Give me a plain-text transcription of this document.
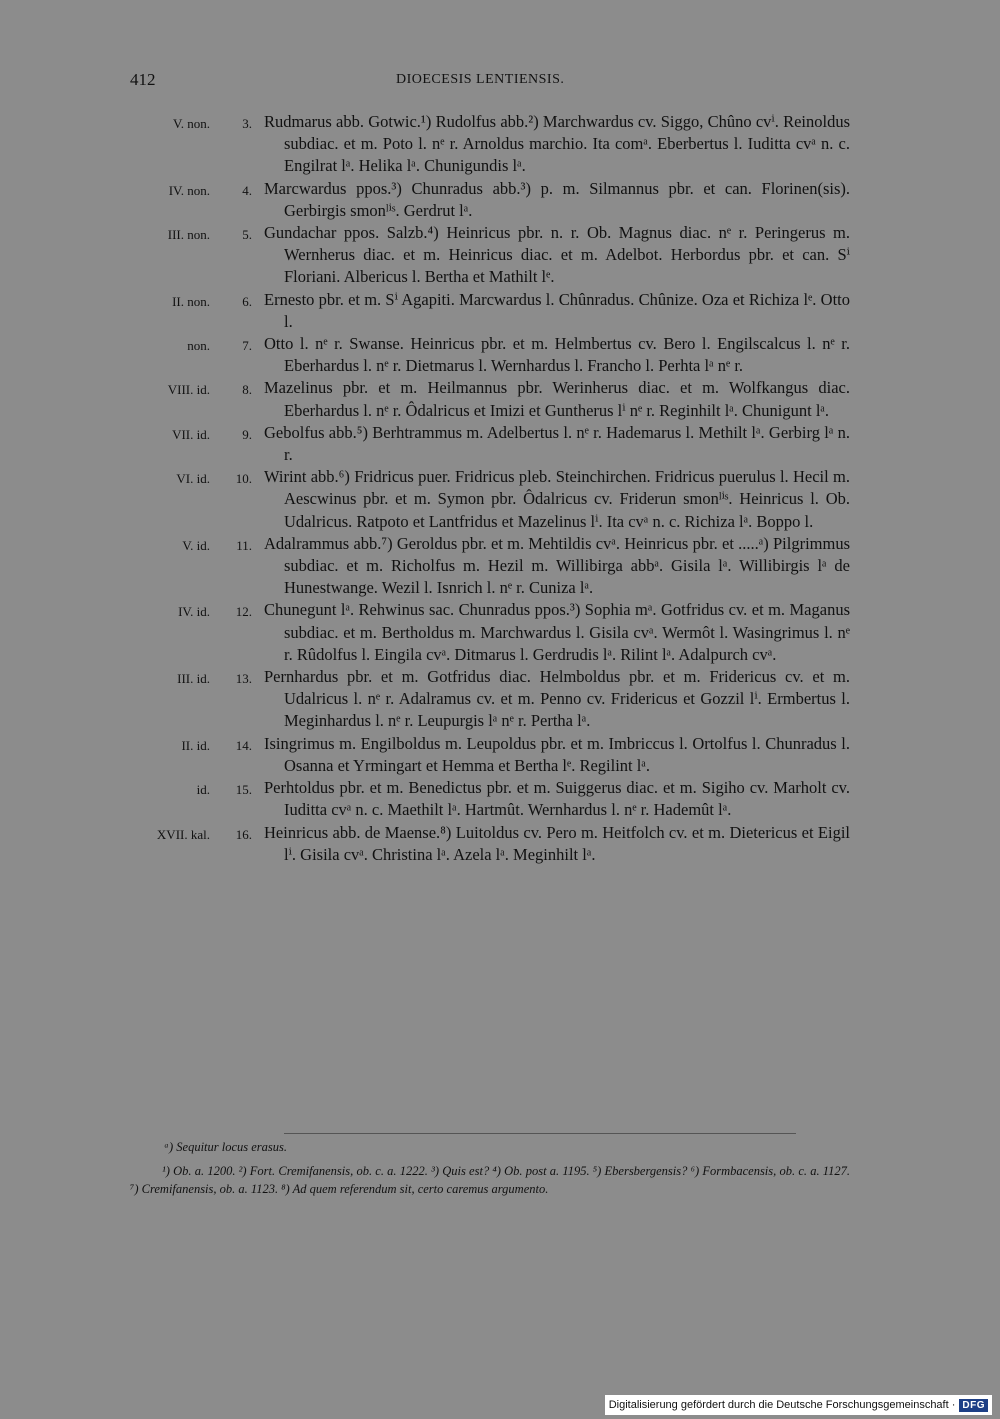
412	DIOECESIS LENTIENSIS.
V. non.	3. Rudmarus abb. Gotwic.¹) Rudolfus abb.²) Marchwardus cv. Siggo, Chûno cvⁱ. Reinoldus subdiac. et m. Poto l. nᵉ r. Arnoldus marchio. Ita comᵃ. Eberbertus l. Iuditta cvᵃ n. c. Engilrat lᵃ. Helika lᵃ. Chunigundis lᵃ.
IV. non.	4. Marcwardus ppos.³) Chunradus abb.³) p. m. Silmannus pbr. et can. Florinen(sis). Gerbirgis smonˡⁱˢ. Gerdrut lᵃ.
III. non.	5. Gundachar ppos. Salzb.⁴) Heinricus pbr. n. r. Ob. Magnus diac. nᵉ r. Peringerus m. Wernherus diac. et m. Heinricus diac. et m. Adelbot. Herbordus pbr. et can. Sⁱ Floriani. Albericus l. Bertha et Mathilt lᵉ.
II. non.	6. Ernesto pbr. et m. Sⁱ Agapiti. Marcwardus l. Chûnradus. Chûnize. Oza et Richiza lᵉ. Otto l.
non.	7. Otto l. nᵉ r. Swanse. Heinricus pbr. et m. Helmbertus cv. Bero l. Engilscalcus l. nᵉ r. Eberhardus l. nᵉ r. Dietmarus l. Wernhardus l. Francho l. Perhta lᵃ nᵉ r.
VIII. id.	8. Mazelinus pbr. et m. Heilmannus pbr. Werinherus diac. et m. Wolfkangus diac. Eberhardus l. nᵉ r. Ôdalricus et Imizi et Guntherus lⁱ nᵉ r. Reginhilt lᵃ. Chunigunt lᵃ.
VII. id.	9. Gebolfus abb.⁵) Berhtrammus m. Adelbertus l. nᵉ r. Hademarus l. Methilt lᵃ. Gerbirg lᵃ n. r.
VI. id.	10. Wirint abb.⁶) Fridricus puer. Fridricus pleb. Steinchirchen. Fridricus puerulus l. Hecil m. Aescwinus pbr. et m. Symon pbr. Ôdalricus cv. Friderun smonˡⁱˢ. Heinricus l. Ob. Udalricus. Ratpoto et Lantfridus et Mazelinus lⁱ. Ita cvᵃ n. c. Richiza lᵃ. Boppo l.
V. id.	11. Adalrammus abb.⁷) Geroldus pbr. et m. Mehtildis cvᵃ. Heinricus pbr. et .....ᵃ) Pilgrimmus subdiac. et m. Richolfus m. Hezil m. Willibirga abbᵃ. Gisila lᵃ. Willibirgis lᵃ de Hunestwange. Wezil l. Isnrich l. nᵉ r. Cuniza lᵃ.
IV. id.	12. Chunegunt lᵃ. Rehwinus sac. Chunradus ppos.³) Sophia mᵃ. Gotfridus cv. et m. Maganus subdiac. et m. Bertholdus m. Marchwardus l. Gisila cvᵃ. Wermôt l. Wasingrimus l. nᵉ r. Rûdolfus l. Eingila cvᵃ. Ditmarus l. Gerdrudis lᵃ. Rilint lᵃ. Adalpurch cvᵃ.
III. id.	13. Pernhardus pbr. et m. Gotfridus diac. Helmboldus pbr. et m. Fridericus cv. et m. Udalricus l. nᵉ r. Adalramus cv. et m. Penno cv. Fridericus et Gozzil lⁱ. Ermbertus l. Meginhardus l. nᵉ r. Leupurgis lᵃ nᵉ r. Pertha lᵃ.
II. id.	14. Isingrimus m. Engilboldus m. Leupoldus pbr. et m. Imbriccus l. Ortolfus l. Chunradus l. Osanna et Yrmingart et Hemma et Bertha lᵉ. Regilint lᵃ.
id.	15. Perhtoldus pbr. et m. Benedictus pbr. et m. Suiggerus diac. et m. Sigiho cv. Marholt cv. Iuditta cvᵃ n. c. Maethilt lᵃ. Hartmût. Wernhardus l. nᵉ r. Hademût lᵃ.
XVII. kal.	16. Heinricus abb. de Maense.⁸) Luitoldus cv. Pero m. Heitfolch cv. et m. Dietericus et Eigil lⁱ. Gisila cvᵃ. Christina lᵃ. Azela lᵃ. Meginhilt lᵃ.
ᵃ) Sequitur locus erasus.
¹) Ob. a. 1200. ²) Fort. Cremifanensis, ob. c. a. 1222. ³) Quis est? ⁴) Ob. post a. 1195. ⁵) Ebersbergensis? ⁶) Formbacensis, ob. c. a. 1127. ⁷) Cremifanensis, ob. a. 1123. ⁸) Ad quem referendum sit, certo caremus argumento.
Digitalisierung gefördert durch die Deutsche Forschungsgemeinschaft · DFG
